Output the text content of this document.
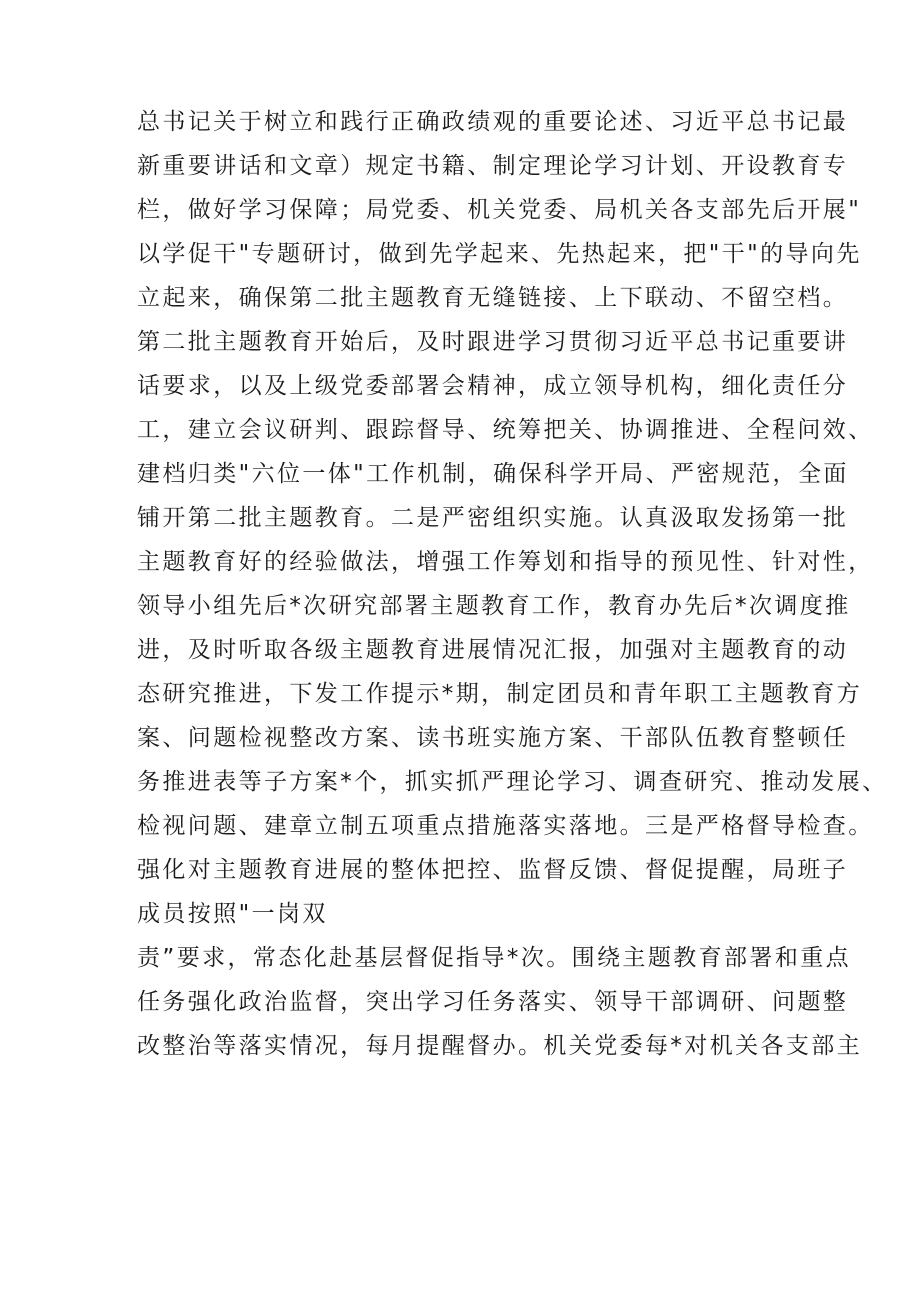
总书记关于树立和践行正确政绩观的重要论述、习近平总书记最
新重要讲话和文章）规定书籍、制定理论学习计划、开设教育专
栏，做好学习保障；局党委、机关党委、局机关各支部先后开展"
以学促干"专题研讨，做到先学起来、先热起来，把"干"的导向先
立起来，确保第二批主题教育无缝链接、上下联动、不留空档。
第二批主题教育开始后，及时跟进学习贯彻习近平总书记重要讲
话要求，以及上级党委部署会精神，成立领导机构，细化责任分
工，建立会议研判、跟踪督导、统筹把关、协调推进、全程问效、
建档归类"六位一体"工作机制，确保科学开局、严密规范，全面
铺开第二批主题教育。二是严密组织实施。认真汲取发扬第一批
主题教育好的经验做法，增强工作筹划和指导的预见性、针对性，
领导小组先后*次研究部署主题教育工作，教育办先后*次调度推
进，及时听取各级主题教育进展情况汇报，加强对主题教育的动
态研究推进，下发工作提示*期，制定团员和青年职工主题教育方
案、问题检视整改方案、读书班实施方案、干部队伍教育整顿任
务推进表等子方案*个，抓实抓严理论学习、调查研究、推动发展、
检视问题、建章立制五项重点措施落实落地。三是严格督导检查。
强化对主题教育进展的整体把控、监督反馈、督促提醒，局班子
成员按照"一岗双
责”要求，常态化赴基层督促指导*次。围绕主题教育部署和重点
任务强化政治监督，突出学习任务落实、领导干部调研、问题整
改整治等落实情况，每月提醒督办。机关党委每*对机关各支部主
